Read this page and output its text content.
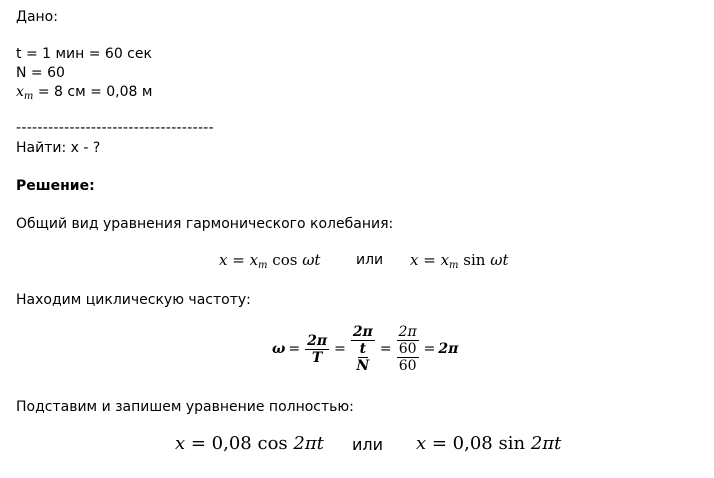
Дано:
t = 1 мин = 60 сек
N = 60
$x_m = 8$ см = 0,08 м
-------------------------------------
Найти: х - ?
Решение:
Общий вид уравнения гармонического колебания:
$x = x_m$ cos ωt	или $x = x_m$ sin ωt
Находим циклическую частоту:
$\omega = \frac{2\pi}{T} = \frac{2\pi}{\frac{t}{N}} = \frac{2\pi}{\frac{60}{60}} = 2\pi$
Подставим и запишем уравнение полностью:
x = 0,08 cos 2πt или x = 0,08 sin 2πt
